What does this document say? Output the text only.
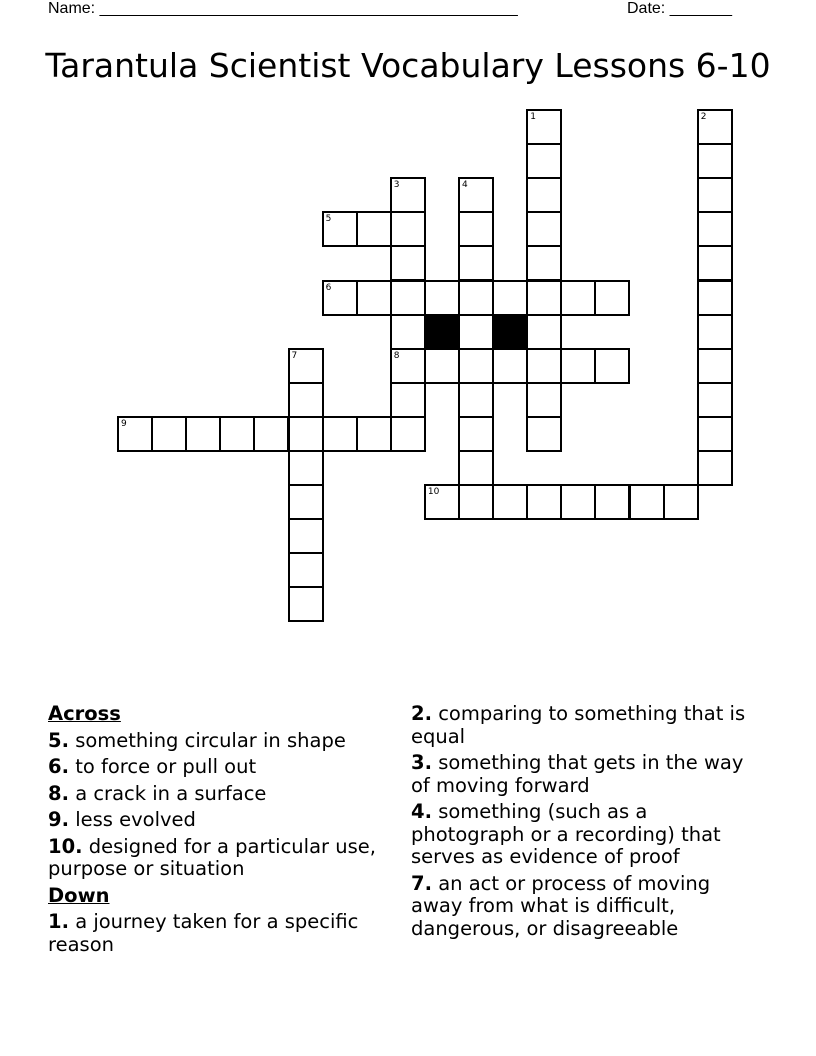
Name: _______________________________________________	Date: _______
Tarantula Scientist Vocabulary Lessons 6-10
1	2
4
3
5
6
7	8
9
10
Across
5. something circular in shape
6. to force or pull out
8. a crack in a surface
9. less evolved
10. designed for a particular use, purpose or situation
Down
1. a journey taken for a specific reason
2. comparing to something that is equal
3. something that gets in the way of moving forward
4. something (such as a photograph or a recording) that serves as evidence of proof
7. an act or process of moving away from what is difficult, dangerous, or disagreeable
